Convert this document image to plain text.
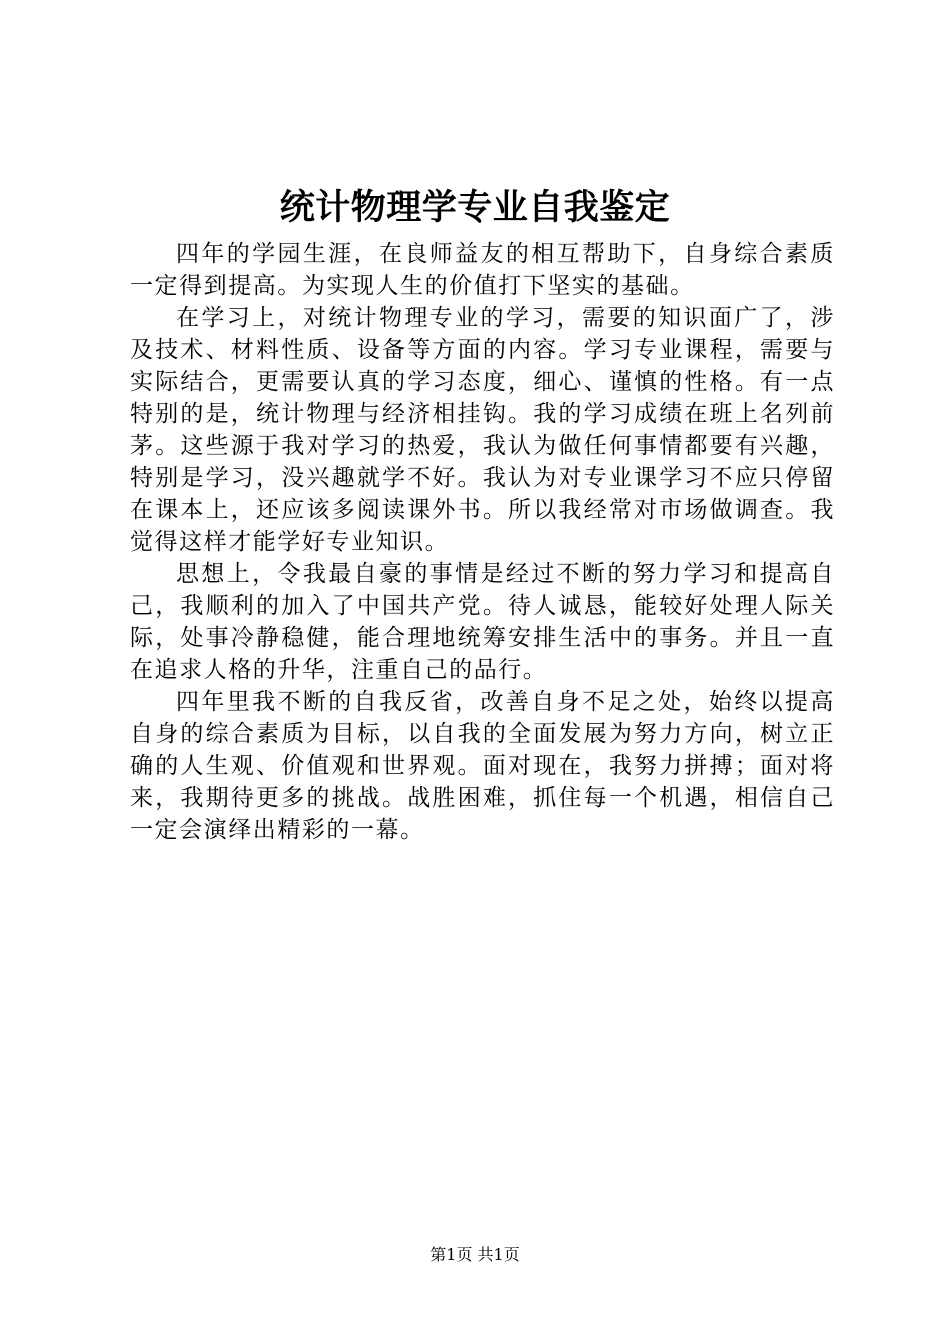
统计物理学专业自我鉴定

四年的学园生涯，在良师益友的相互帮助下，自身综合素质一定得到提高。为实现人生的价值打下坚实的基础。

在学习上，对统计物理专业的学习，需要的知识面广了，涉及技术、材料性质、设备等方面的内容。学习专业课程，需要与实际结合，更需要认真的学习态度，细心、谨慎的性格。有一点特别的是，统计物理与经济相挂钩。我的学习成绩在班上名列前茅。这些源于我对学习的热爱，我认为做任何事情都要有兴趣，特别是学习，没兴趣就学不好。我认为对专业课学习不应只停留在课本上，还应该多阅读课外书。所以我经常对市场做调查。我觉得这样才能学好专业知识。

思想上，令我最自豪的事情是经过不断的努力学习和提高自己，我顺利的加入了中国共产党。待人诚恳，能较好处理人际关际，处事冷静稳健，能合理地统筹安排生活中的事务。并且一直在追求人格的升华，注重自己的品行。

四年里我不断的自我反省，改善自身不足之处，始终以提高自身的综合素质为目标，以自我的全面发展为努力方向，树立正确的人生观、价值观和世界观。面对现在，我努力拼搏；面对将来，我期待更多的挑战。战胜困难，抓住每一个机遇，相信自己一定会演绎出精彩的一幕。

第1页 共1页
